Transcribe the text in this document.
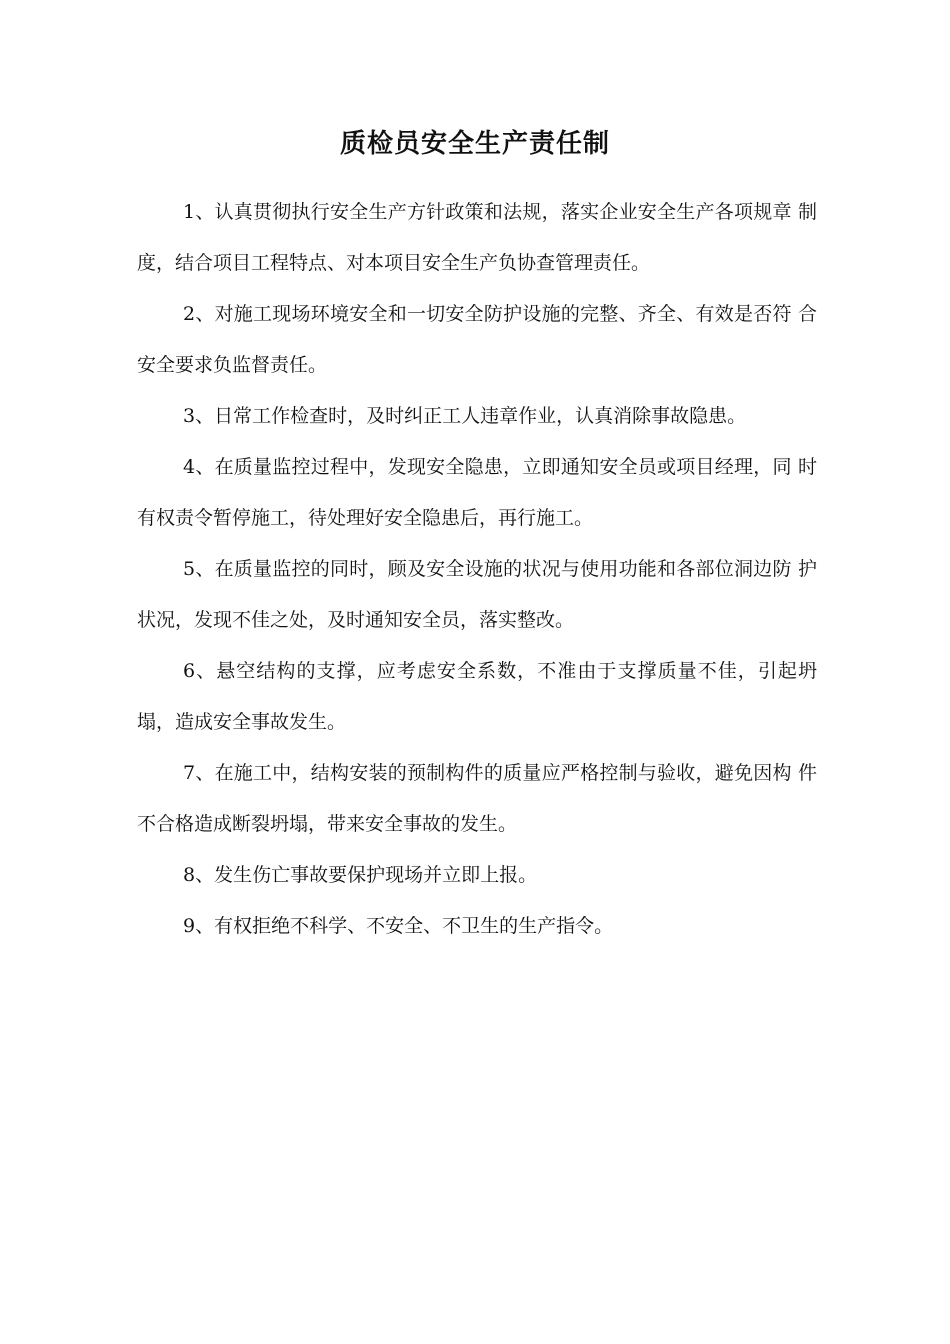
质检员安全生产责任制

1、认真贯彻执行安全生产方针政策和法规，落实企业安全生产各项规章 制度，结合项目工程特点、对本项目安全生产负协查管理责任。

2、对施工现场环境安全和一切安全防护设施的完整、齐全、有效是否符 合安全要求负监督责任。

3、日常工作检查时，及时纠正工人违章作业，认真消除事故隐患。

4、在质量监控过程中，发现安全隐患，立即通知安全员或项目经理，同 时有权责令暂停施工，待处理好安全隐患后，再行施工。

5、在质量监控的同时，顾及安全设施的状况与使用功能和各部位洞边防 护状况，发现不佳之处，及时通知安全员，落实整改。

6、悬空结构的支撑，应考虑安全系数，不准由于支撑质量不佳，引起坍 塌，造成安全事故发生。

7、在施工中，结构安装的预制构件的质量应严格控制与验收，避免因构 件不合格造成断裂坍塌，带来安全事故的发生。

8、发生伤亡事故要保护现场并立即上报。

9、有权拒绝不科学、不安全、不卫生的生产指令。
